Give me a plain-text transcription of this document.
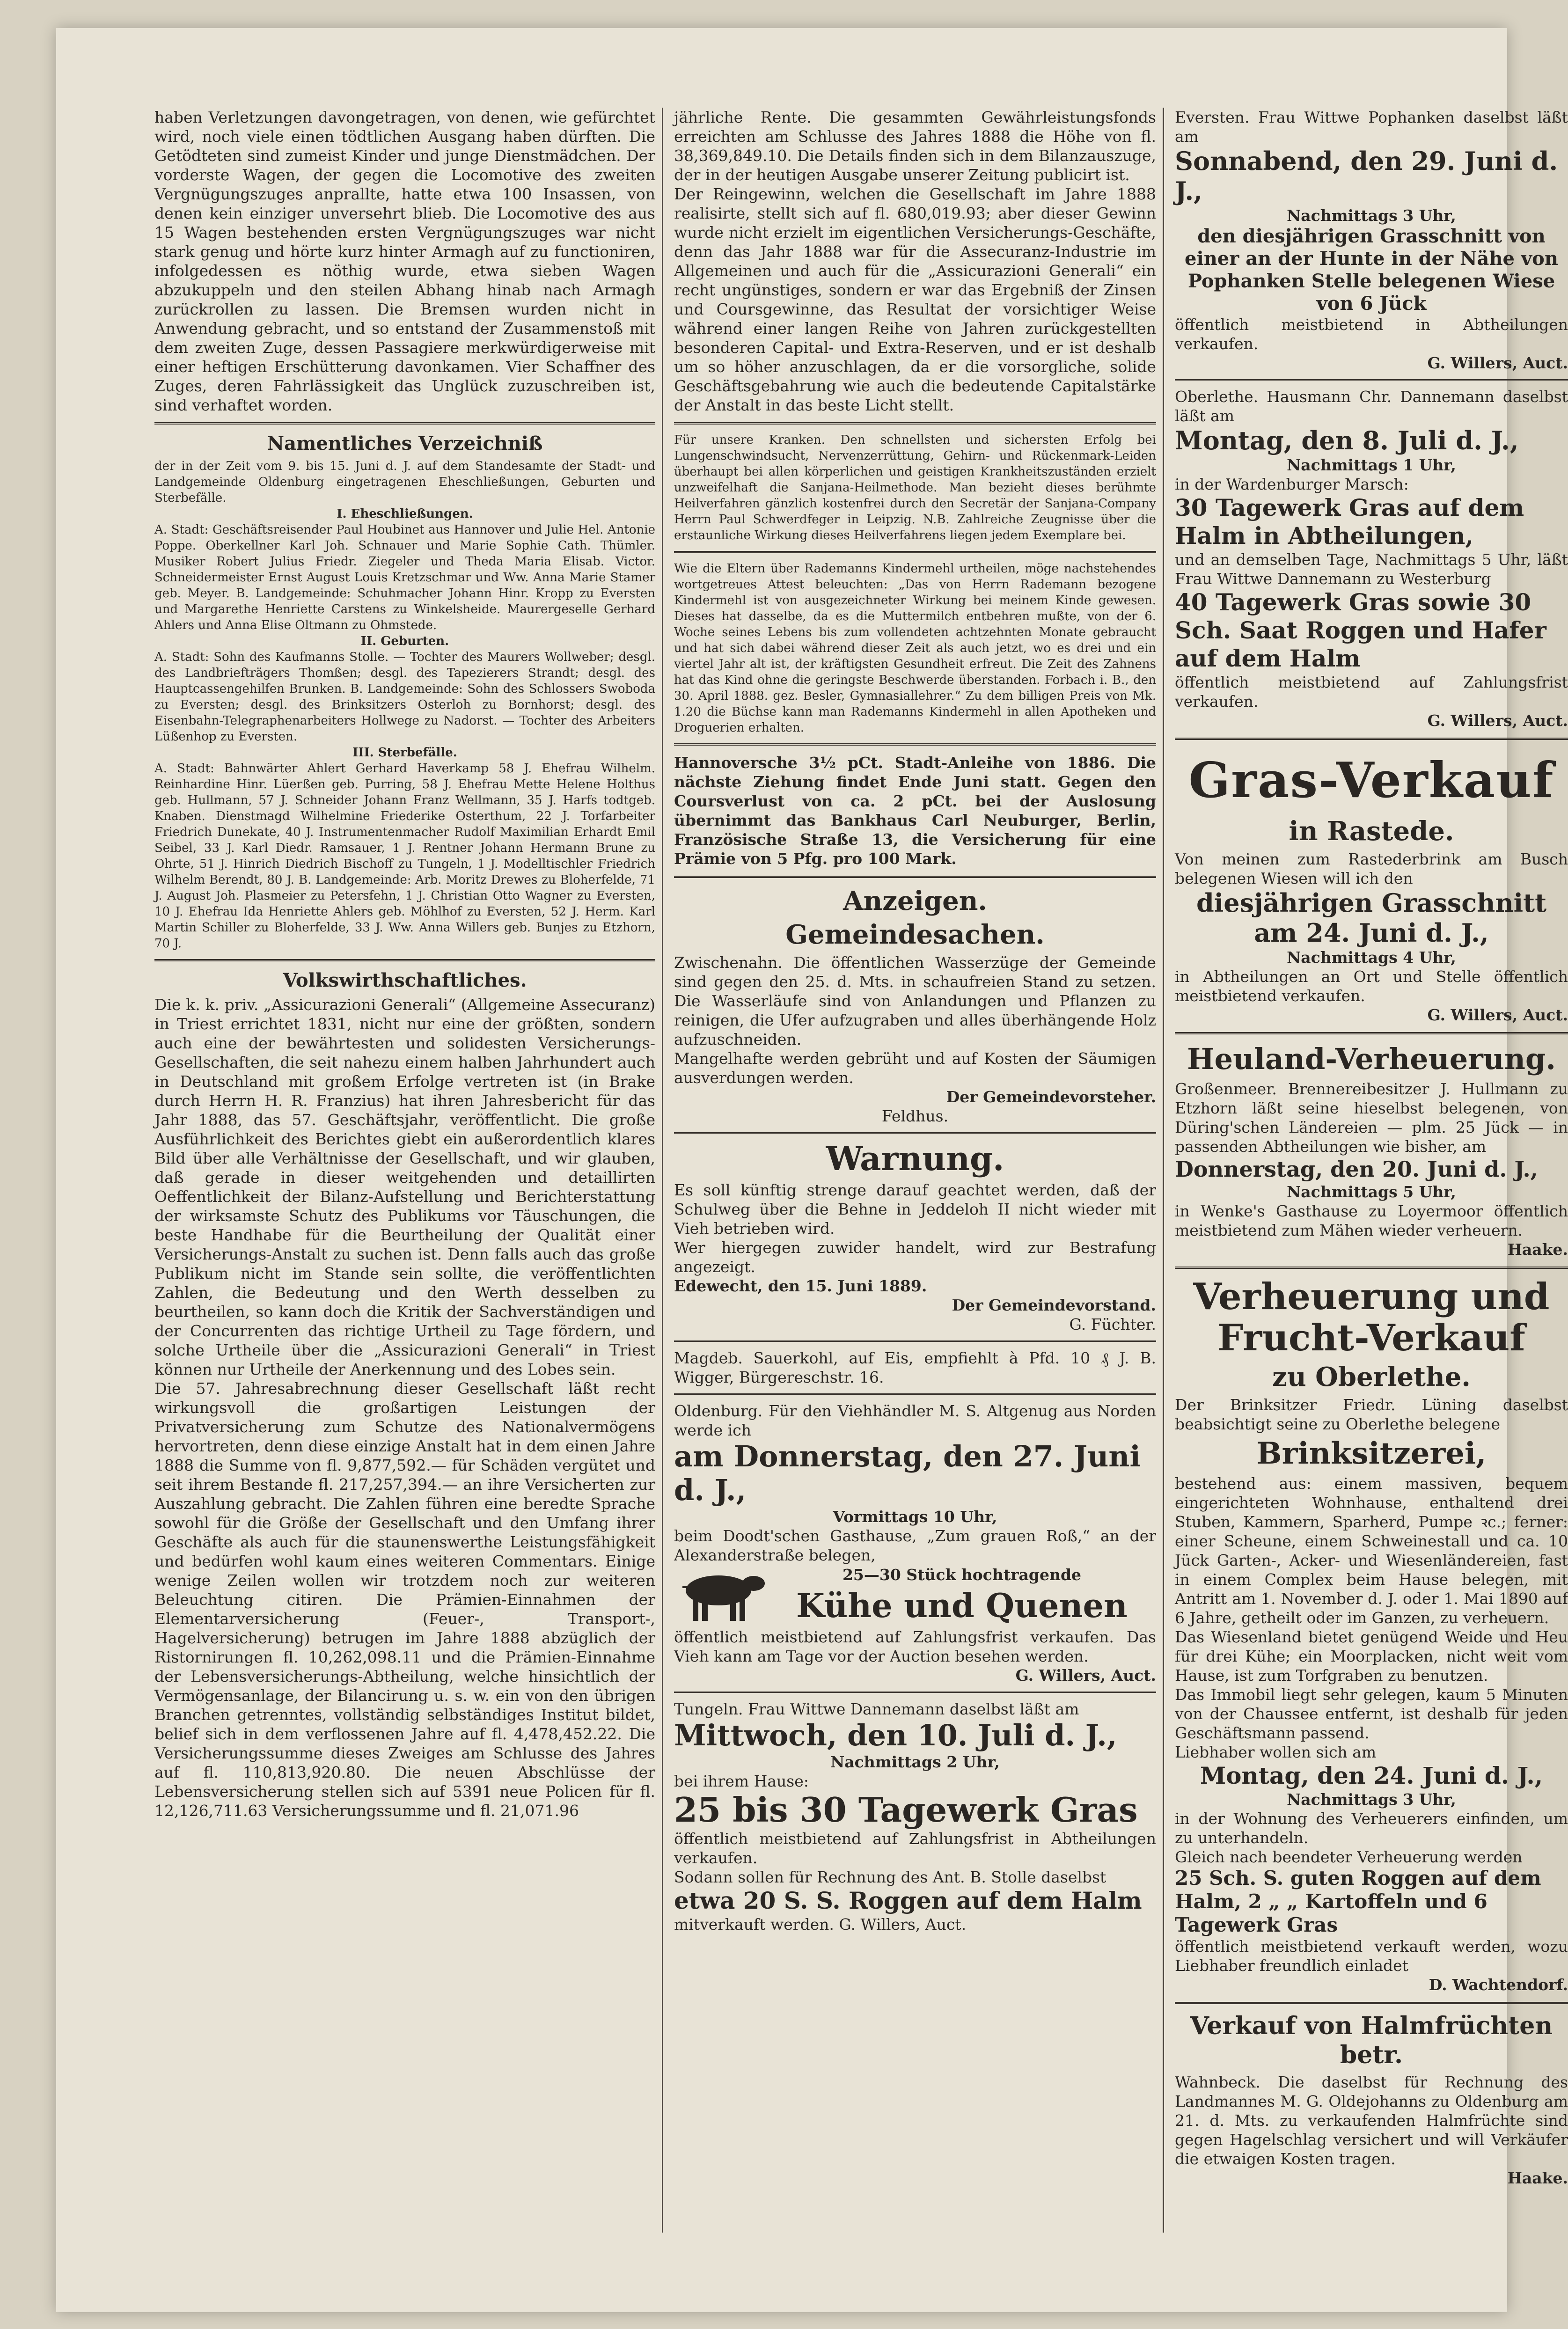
haben Verletzungen davongetragen, von denen, wie gefürchtet wird, noch viele einen tödtlichen Ausgang haben dürften. Die Getödteten sind zumeist Kinder und junge Dienstmädchen. Der vorderste Wagen, der gegen die Locomotive des zweiten Vergnügungszuges anprallte, hatte etwa 100 Insassen, von denen kein einziger unversehrt blieb. Die Locomotive des aus 15 Wagen bestehenden ersten Vergnügungszuges war nicht stark genug und hörte kurz hinter Armagh auf zu functioniren, infolgedessen es nöthig wurde, etwa sieben Wagen abzukuppeln und den steilen Abhang hinab nach Armagh zurückrollen zu lassen. Die Bremsen wurden nicht in Anwendung gebracht, und so entstand der Zusammenstoß mit dem zweiten Zuge, dessen Passagiere merkwürdigerweise mit einer heftigen Erschütterung davonkamen. Vier Schaffner des Zuges, deren Fahrlässigkeit das Unglück zuzuschreiben ist, sind verhaftet worden.

Namentliches Verzeichniß

der in der Zeit vom 9. bis 15. Juni d. J. auf dem Standesamte der Stadt- und Landgemeinde Oldenburg eingetragenen Eheschließungen, Geburten und Sterbefälle.

I. Eheschließungen.

A. Stadt: Geschäftsreisender Paul Houbinet aus Hannover und Julie Hel. Antonie Poppe. Oberkellner Karl Joh. Schnauer und Marie Sophie Cath. Thümler. Musiker Robert Julius Friedr. Ziegeler und Theda Maria Elisab. Victor. Schneidermeister Ernst August Louis Kretzschmar und Ww. Anna Marie Stamer geb. Meyer. B. Landgemeinde: Schuhmacher Johann Hinr. Kropp zu Eversten und Margarethe Henriette Carstens zu Winkelsheide. Maurergeselle Gerhard Ahlers und Anna Elise Oltmann zu Ohmstede.

II. Geburten.

A. Stadt: Sohn des Kaufmanns Stolle. — Tochter des Maurers Wollweber; desgl. des Landbriefträgers Thomßen; desgl. des Tapezierers Strandt; desgl. des Hauptcassengehilfen Brunken. B. Landgemeinde: Sohn des Schlossers Swoboda zu Eversten; desgl. des Brinksitzers Osterloh zu Bornhorst; desgl. des Eisenbahn-Telegraphenarbeiters Hollwege zu Nadorst. — Tochter des Arbeiters Lüßenhop zu Eversten.

III. Sterbefälle.

A. Stadt: Bahnwärter Ahlert Gerhard Haverkamp 58 J. Ehefrau Wilhelm. Reinhardine Hinr. Lüerßen geb. Purring, 58 J. Ehefrau Mette Helene Holthus geb. Hullmann, 57 J. Schneider Johann Franz Wellmann, 35 J. Harfs todtgeb. Knaben. Dienstmagd Wilhelmine Friederike Osterthum, 22 J. Torfarbeiter Friedrich Dunekate, 40 J. Instrumentenmacher Rudolf Maximilian Erhardt Emil Seibel, 33 J. Karl Diedr. Ramsauer, 1 J. Rentner Johann Hermann Brune zu Ohrte, 51 J. Hinrich Diedrich Bischoff zu Tungeln, 1 J. Modelltischler Friedrich Wilhelm Berendt, 80 J. B. Landgemeinde: Arb. Moritz Drewes zu Bloherfelde, 71 J. August Joh. Plasmeier zu Petersfehn, 1 J. Christian Otto Wagner zu Eversten, 10 J. Ehefrau Ida Henriette Ahlers geb. Möhlhof zu Eversten, 52 J. Herm. Karl Martin Schiller zu Bloherfelde, 33 J. Ww. Anna Willers geb. Bunjes zu Etzhorn, 70 J.

Volkswirthschaftliches.

Die k. k. priv. „Assicurazioni Generali“ (Allgemeine Assecuranz) in Triest errichtet 1831, nicht nur eine der größten, sondern auch eine der bewährtesten und solidesten Versicherungs-Gesellschaften, die seit nahezu einem halben Jahrhundert auch in Deutschland mit großem Erfolge vertreten ist (in Brake durch Herrn H. R. Franzius) hat ihren Jahresbericht für das Jahr 1888, das 57. Geschäftsjahr, veröffentlicht. Die große Ausführlichkeit des Berichtes giebt ein außerordentlich klares Bild über alle Verhältnisse der Gesellschaft, und wir glauben, daß gerade in dieser weitgehenden und detaillirten Oeffentlichkeit der Bilanz-Aufstellung und Berichterstattung der wirksamste Schutz des Publikums vor Täuschungen, die beste Handhabe für die Beurtheilung der Qualität einer Versicherungs-Anstalt zu suchen ist. Denn falls auch das große Publikum nicht im Stande sein sollte, die veröffentlichten Zahlen, die Bedeutung und den Werth desselben zu beurtheilen, so kann doch die Kritik der Sachverständigen und der Concurrenten das richtige Urtheil zu Tage fördern, und solche Urtheile über die „Assicurazioni Generali“ in Triest können nur Urtheile der Anerkennung und des Lobes sein.

Die 57. Jahresabrechnung dieser Gesellschaft läßt recht wirkungsvoll die großartigen Leistungen der Privatversicherung zum Schutze des Nationalvermögens hervortreten, denn diese einzige Anstalt hat in dem einen Jahre 1888 die Summe von fl. 9,877,592.— für Schäden vergütet und seit ihrem Bestande fl. 217,257,394.— an ihre Versicherten zur Auszahlung gebracht. Die Zahlen führen eine beredte Sprache sowohl für die Größe der Gesellschaft und den Umfang ihrer Geschäfte als auch für die staunenswerthe Leistungsfähigkeit und bedürfen wohl kaum eines weiteren Commentars. Einige wenige Zeilen wollen wir trotzdem noch zur weiteren Beleuchtung citiren. Die Prämien-Einnahmen der Elementarversicherung (Feuer-, Transport-, Hagelversicherung) betrugen im Jahre 1888 abzüglich der Ristornirungen fl. 10,262,098.11 und die Prämien-Einnahme der Lebensversicherungs-Abtheilung, welche hinsichtlich der Vermögensanlage, der Bilancirung u. s. w. ein von den übrigen Branchen getrenntes, vollständig selbständiges Institut bildet, belief sich in dem verflossenen Jahre auf fl. 4,478,452.22. Die Versicherungssumme dieses Zweiges am Schlusse des Jahres auf fl. 110,813,920.80. Die neuen Abschlüsse der Lebensversicherung stellen sich auf 5391 neue Policen für fl. 12,126,711.63 Versicherungssumme und fl. 21,071.96

jährliche Rente. Die gesammten Gewährleistungsfonds erreichten am Schlusse des Jahres 1888 die Höhe von fl. 38,369,849.10. Die Details finden sich in dem Bilanzauszuge, der in der heutigen Ausgabe unserer Zeitung publicirt ist.

Der Reingewinn, welchen die Gesellschaft im Jahre 1888 realisirte, stellt sich auf fl. 680,019.93; aber dieser Gewinn wurde nicht erzielt im eigentlichen Versicherungs-Geschäfte, denn das Jahr 1888 war für die Assecuranz-Industrie im Allgemeinen und auch für die „Assicurazioni Generali“ ein recht ungünstiges, sondern er war das Ergebniß der Zinsen und Coursgewinne, das Resultat der vorsichtiger Weise während einer langen Reihe von Jahren zurückgestellten besonderen Capital- und Extra-Reserven, und er ist deshalb um so höher anzuschlagen, da er die vorsorgliche, solide Geschäftsgebahrung wie auch die bedeutende Capitalstärke der Anstalt in das beste Licht stellt.

Für unsere Kranken. Den schnellsten und sichersten Erfolg bei Lungenschwindsucht, Nervenzerrüttung, Gehirn- und Rückenmark-Leiden überhaupt bei allen körperlichen und geistigen Krankheitszuständen erzielt unzweifelhaft die Sanjana-Heilmethode. Man bezieht dieses berühmte Heilverfahren gänzlich kostenfrei durch den Secretär der Sanjana-Company Herrn Paul Schwerdfeger in Leipzig. N.B. Zahlreiche Zeugnisse über die erstaunliche Wirkung dieses Heilverfahrens liegen jedem Exemplare bei.

Wie die Eltern über Rademanns Kindermehl urtheilen, möge nachstehendes wortgetreues Attest beleuchten: „Das von Herrn Rademann bezogene Kindermehl ist von ausgezeichneter Wirkung bei meinem Kinde gewesen. Dieses hat dasselbe, da es die Muttermilch entbehren mußte, von der 6. Woche seines Lebens bis zum vollendeten achtzehnten Monate gebraucht und hat sich dabei während dieser Zeit als auch jetzt, wo es drei und ein viertel Jahr alt ist, der kräftigsten Gesundheit erfreut. Die Zeit des Zahnens hat das Kind ohne die geringste Beschwerde überstanden. Forbach i. B., den 30. April 1888. gez. Besler, Gymnasiallehrer.“ Zu dem billigen Preis von Mk. 1.20 die Büchse kann man Rademanns Kindermehl in allen Apotheken und Droguerien erhalten.

Hannoversche 3½ pCt. Stadt-Anleihe von 1886. Die nächste Ziehung findet Ende Juni statt. Gegen den Coursverlust von ca. 2 pCt. bei der Auslosung übernimmt das Bankhaus Carl Neuburger, Berlin, Französische Straße 13, die Versicherung für eine Prämie von 5 Pfg. pro 100 Mark.

Anzeigen.
Gemeindesachen.

Zwischenahn. Die öffentlichen Wasserzüge der Gemeinde sind gegen den 25. d. Mts. in schaufreien Stand zu setzen. Die Wasserläufe sind von Anlandungen und Pflanzen zu reinigen, die Ufer aufzugraben und alles überhängende Holz aufzuschneiden.

Mangelhafte werden gebrüht und auf Kosten der Säumigen ausverdungen werden.

Der Gemeindevorsteher.
Feldhus.
Warnung.

Es soll künftig strenge darauf geachtet werden, daß der Schulweg über die Behne in Jeddeloh II nicht wieder mit Vieh betrieben wird.

Wer hiergegen zuwider handelt, wird zur Bestrafung angezeigt.

Edewecht, den 15. Juni 1889.
Der Gemeindevorstand.
G. Füchter.

Magdeb. Sauerkohl, auf Eis, empfiehlt à Pfd. 10 ₰ J. B. Wigger, Bürgereschstr. 16.

Oldenburg. Für den Viehhändler M. S. Altgenug aus Norden werde ich

am Donnerstag, den 27. Juni d. J.,
Vormittags 10 Uhr,

beim Doodt'schen Gasthause, „Zum grauen Roß,“ an der Alexanderstraße belegen,

25—30 Stück hochtragende
Kühe und Quenen

öffentlich meistbietend auf Zahlungsfrist verkaufen. Das Vieh kann am Tage vor der Auction besehen werden.

G. Willers, Auct.

Tungeln. Frau Wittwe Dannemann daselbst läßt am

Mittwoch, den 10. Juli d. J.,
Nachmittags 2 Uhr,
bei ihrem Hause:
25 bis 30 Tagewerk Gras

öffentlich meistbietend auf Zahlungsfrist in Abtheilungen verkaufen.

Sodann sollen für Rechnung des Ant. B. Stolle daselbst

etwa 20 S. S. Roggen auf dem Halm
mitverkauft werden. G. Willers, Auct.

Eversten. Frau Wittwe Pophanken daselbst läßt am

Sonnabend, den 29. Juni d. J.,
Nachmittags 3 Uhr,
den diesjährigen Grasschnitt von einer an der Hunte in der Nähe von Pophanken Stelle belegenen Wiese von 6 Jück

öffentlich meistbietend in Abtheilungen verkaufen.

G. Willers, Auct.

Oberlethe. Hausmann Chr. Dannemann daselbst läßt am

Montag, den 8. Juli d. J.,
Nachmittags 1 Uhr,
in der Wardenburger Marsch:
30 Tagewerk Gras auf dem Halm in Abtheilungen,

und an demselben Tage, Nachmittags 5 Uhr, läßt Frau Wittwe Dannemann zu Westerburg

40 Tagewerk Gras sowie 30 Sch. Saat Roggen und Hafer auf dem Halm

öffentlich meistbietend auf Zahlungsfrist verkaufen.

G. Willers, Auct.
Gras-Verkauf
in Rastede.

Von meinen zum Rastederbrink am Busch belegenen Wiesen will ich den

diesjährigen Grasschnitt am 24. Juni d. J.,
Nachmittags 4 Uhr,

in Abtheilungen an Ort und Stelle öffentlich meistbietend verkaufen.

G. Willers, Auct.
Heuland-Verheuerung.

Großenmeer. Brennereibesitzer J. Hullmann zu Etzhorn läßt seine hieselbst belegenen, von Düring'schen Ländereien — plm. 25 Jück — in passenden Abtheilungen wie bisher, am

Donnerstag, den 20. Juni d. J.,
Nachmittags 5 Uhr,

in Wenke's Gasthause zu Loyermoor öffentlich meistbietend zum Mähen wieder verheuern.

Haake.
Verheuerung und Frucht-Verkauf
zu Oberlethe.

Der Brinksitzer Friedr. Lüning daselbst beabsichtigt seine zu Oberlethe belegene

Brinksitzerei,

bestehend aus: einem massiven, bequem eingerichteten Wohnhause, enthaltend drei Stuben, Kammern, Sparherd, Pumpe ꝛc.; ferner: einer Scheune, einem Schweinestall und ca. 10 Jück Garten-, Acker- und Wiesenländereien, fast in einem Complex beim Hause belegen, mit Antritt am 1. November d. J. oder 1. Mai 1890 auf 6 Jahre, getheilt oder im Ganzen, zu verheuern.

Das Wiesenland bietet genügend Weide und Heu für drei Kühe; ein Moorplacken, nicht weit vom Hause, ist zum Torfgraben zu benutzen.

Das Immobil liegt sehr gelegen, kaum 5 Minuten von der Chaussee entfernt, ist deshalb für jeden Geschäftsmann passend.

Liebhaber wollen sich am

Montag, den 24. Juni d. J.,
Nachmittags 3 Uhr,

in der Wohnung des Verheuerers einfinden, um zu unterhandeln.

Gleich nach beendeter Verheuerung werden

25 Sch. S. guten Roggen auf dem Halm, 2 „ „ Kartoffeln und 6 Tagewerk Gras

öffentlich meistbietend verkauft werden, wozu Liebhaber freundlich einladet

D. Wachtendorf.
Verkauf von Halmfrüchten betr.

Wahnbeck. Die daselbst für Rechnung des Landmannes M. G. Oldejohanns zu Oldenburg am 21. d. Mts. zu verkaufenden Halmfrüchte sind gegen Hagelschlag versichert und will Verkäufer die etwaigen Kosten tragen.

Haake.
